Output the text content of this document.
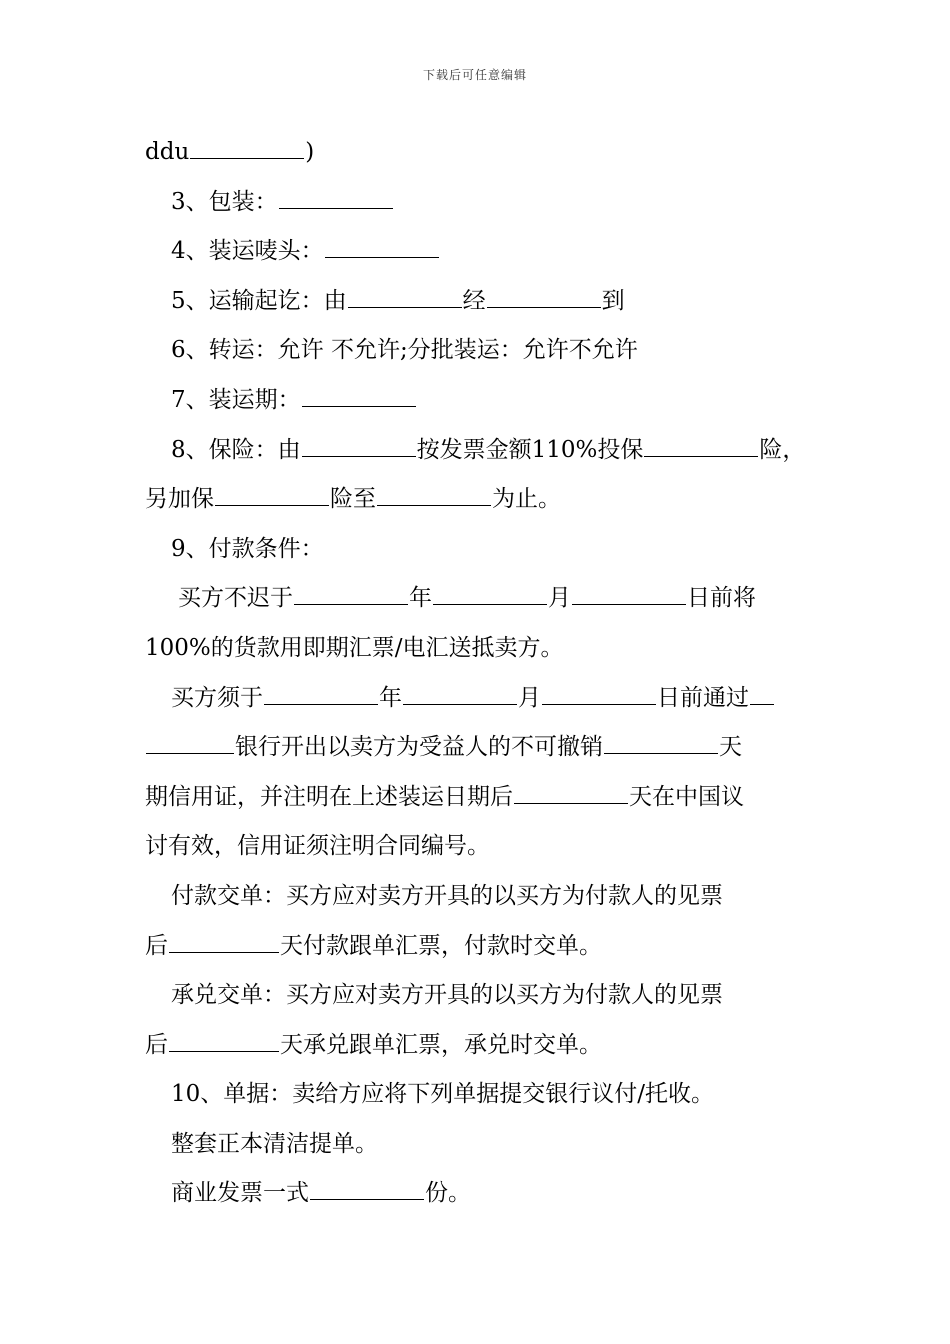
下载后可任意编辑
ddu	)
3、包装：
4、装运唛头：
5、运输起讫：由	经	到
6、转运：允许 不允许;分批装运：允许不允许
7、装运期：
8、保险：由	按发票金额110%投保	险，
另加保	险至	为止。
9、付款条件：
买方不迟于	年	月	日前将
100%的货款用即期汇票/电汇送抵卖方。
买方须于	年	月	日前通过
银行开出以卖方为受益人的不可撤销	天
期信用证，并注明在上述装运日期后	天在中国议
讨有效，信用证须注明合同编号。
付款交单：买方应对卖方开具的以买方为付款人的见票
后	天付款跟单汇票，付款时交单。
承兑交单：买方应对卖方开具的以买方为付款人的见票
后	天承兑跟单汇票，承兑时交单。
10、单据：卖给方应将下列单据提交银行议付/托收。
整套正本清洁提单。
商业发票一式	份。
